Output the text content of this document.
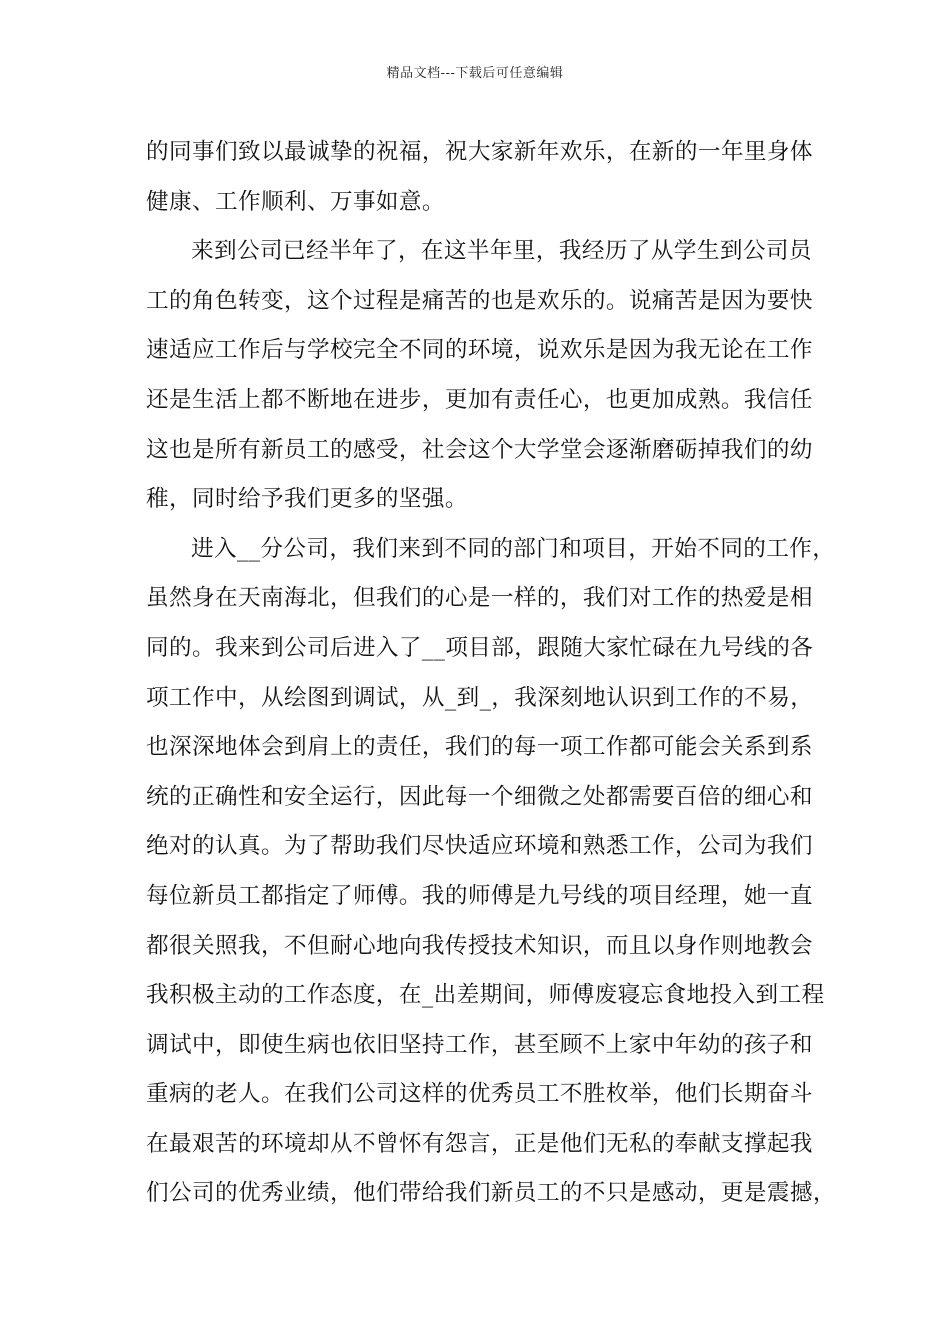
精品文档---下载后可任意编辑
的同事们致以最诚挚的祝福，祝大家新年欢乐，在新的一年里身体
健康、工作顺利、万事如意。
来到公司已经半年了，在这半年里，我经历了从学生到公司员
工的角色转变，这个过程是痛苦的也是欢乐的。说痛苦是因为要快
速适应工作后与学校完全不同的环境，说欢乐是因为我无论在工作
还是生活上都不断地在进步，更加有责任心，也更加成熟。我信任
这也是所有新员工的感受，社会这个大学堂会逐渐磨砺掉我们的幼
稚，同时给予我们更多的坚强。
进入__分公司，我们来到不同的部门和项目，开始不同的工作，
虽然身在天南海北，但我们的心是一样的，我们对工作的热爱是相
同的。我来到公司后进入了__项目部，跟随大家忙碌在九号线的各
项工作中，从绘图到调试，从_到_，我深刻地认识到工作的不易，
也深深地体会到肩上的责任，我们的每一项工作都可能会关系到系
统的正确性和安全运行，因此每一个细微之处都需要百倍的细心和
绝对的认真。为了帮助我们尽快适应环境和熟悉工作，公司为我们
每位新员工都指定了师傅。我的师傅是九号线的项目经理，她一直
都很关照我，不但耐心地向我传授技术知识，而且以身作则地教会
我积极主动的工作态度，在_出差期间，师傅废寝忘食地投入到工程
调试中，即使生病也依旧坚持工作，甚至顾不上家中年幼的孩子和
重病的老人。在我们公司这样的优秀员工不胜枚举，他们长期奋斗
在最艰苦的环境却从不曾怀有怨言，正是他们无私的奉献支撑起我
们公司的优秀业绩，他们带给我们新员工的不只是感动，更是震撼，
